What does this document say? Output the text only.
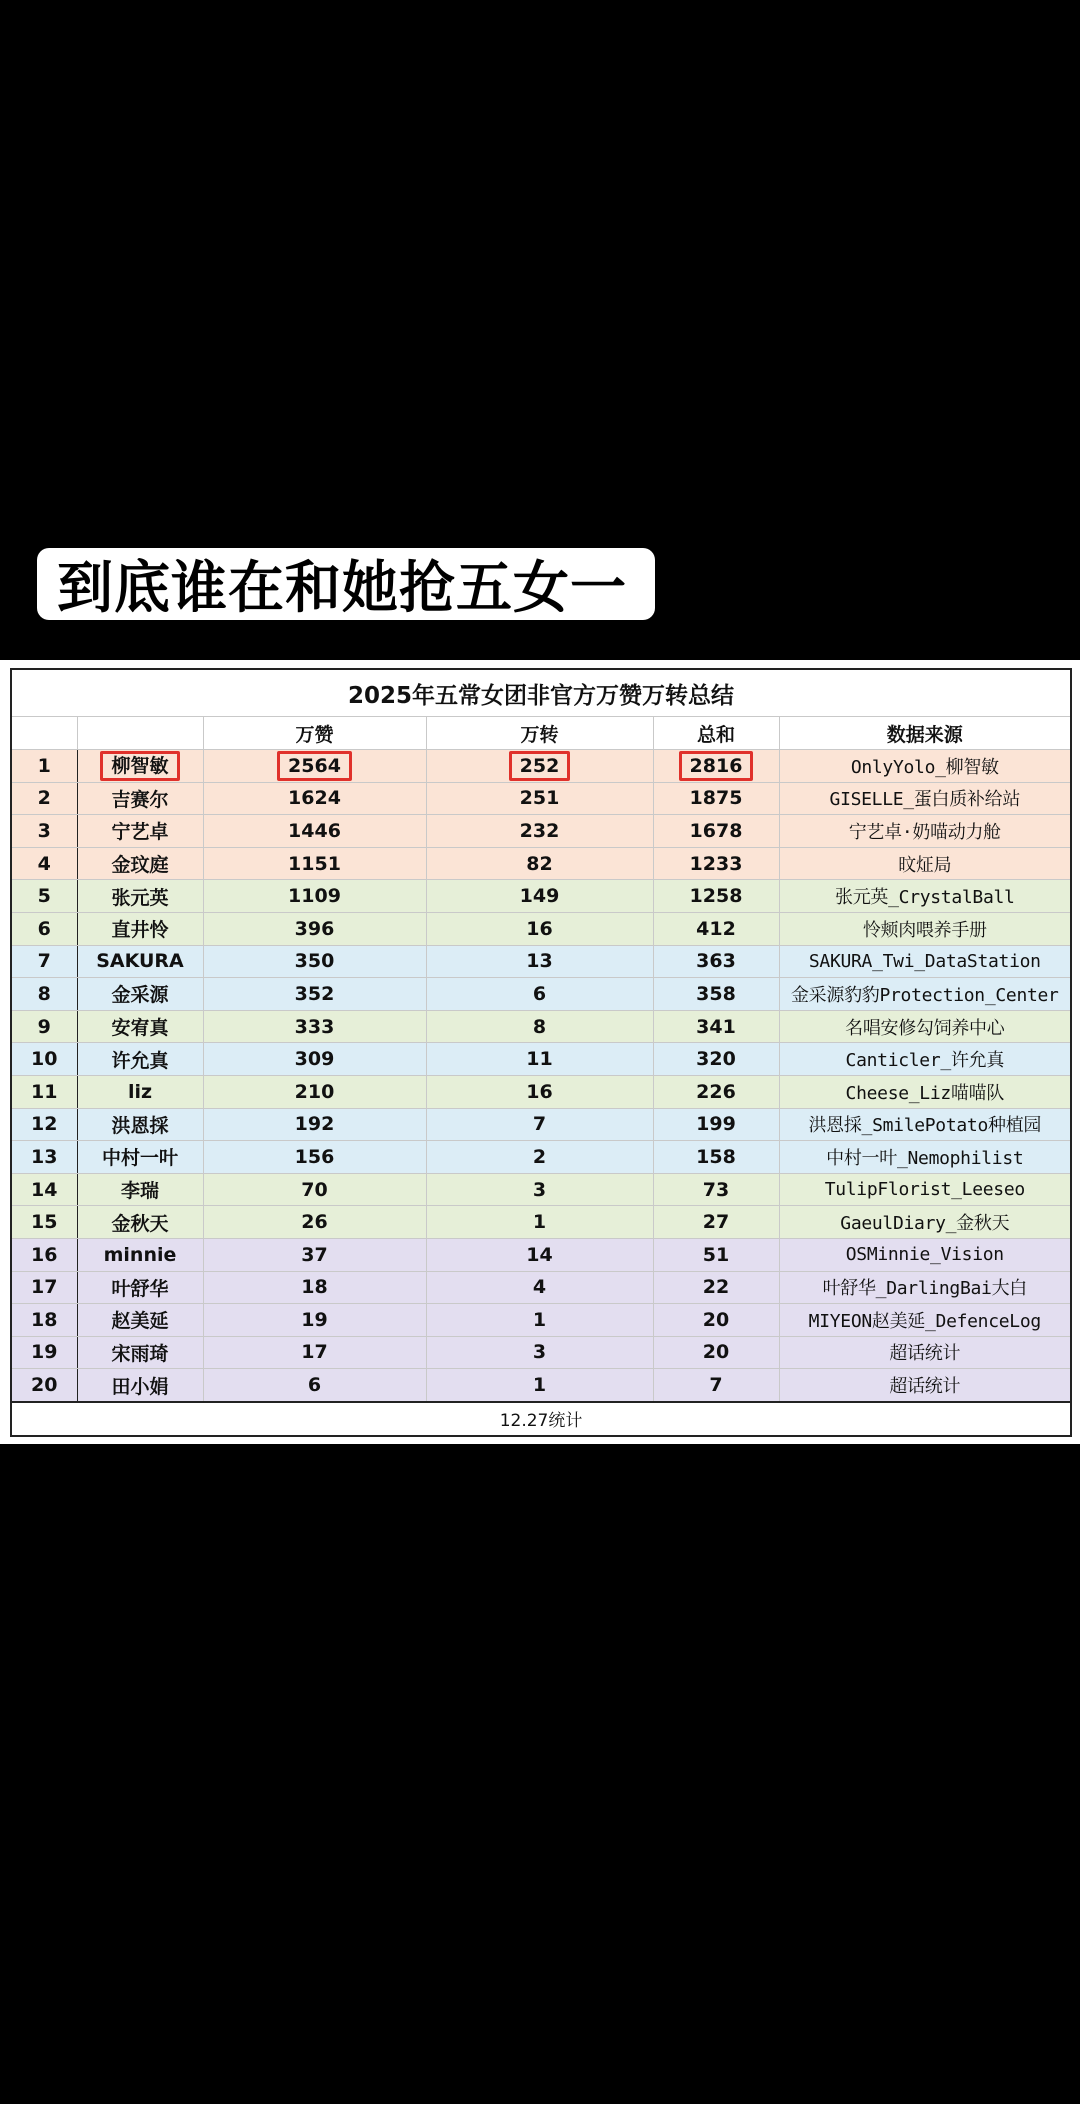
到底谁在和她抢五女一
2025年五常女团非官方万赞万转总结					
		万赞	万转	总和	数据来源
1	柳智敏	2564	252	2816	OnlyYolo_柳智敏
2	吉赛尔	1624	251	1875	GISELLE_蛋白质补给站
3	宁艺卓	1446	232	1678	宁艺卓·奶喵动力舱
4	金玟庭	1151	82	1233	旼炡局
5	张元英	1109	149	1258	张元英_CrystalBall
6	直井怜	396	16	412	怜颊肉喂养手册
7	SAKURA	350	13	363	SAKURA_Twi_DataStation
8	金采源	352	6	358	金采源豹豹Protection_Center
9	安宥真	333	8	341	名唱安修勾饲养中心
10	许允真	309	11	320	Canticler_许允真
11	liz	210	16	226	Cheese_Liz喵喵队
12	洪恩採	192	7	199	洪恩採_SmilePotato种植园
13	中村一叶	156	2	158	中村一叶_Nemophilist
14	李瑞	70	3	73	TulipFlorist_Leeseo
15	金秋天	26	1	27	GaeulDiary_金秋天
16	minnie	37	14	51	OSMinnie_Vision
17	叶舒华	18	4	22	叶舒华_DarlingBai大白
18	赵美延	19	1	20	MIYEON赵美延_DefenceLog
19	宋雨琦	17	3	20	超话统计
20	田小娟	6	1	7	超话统计
12.27统计					
